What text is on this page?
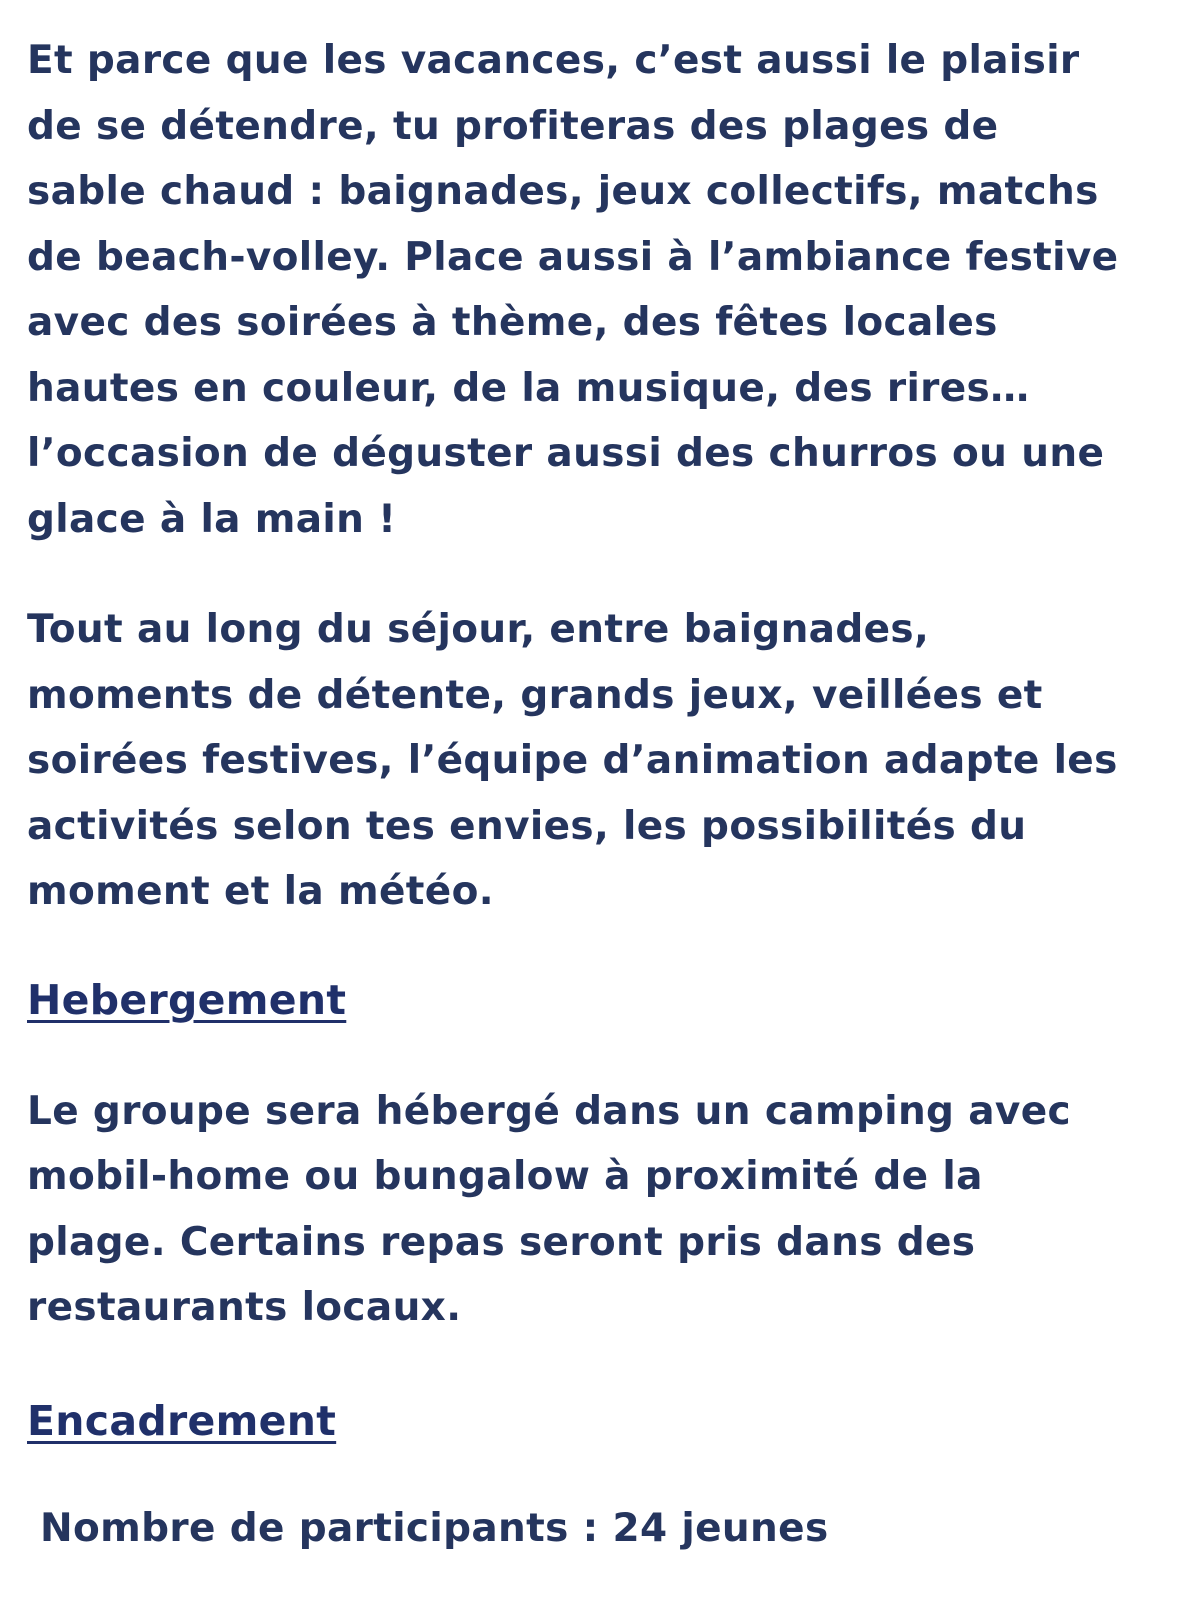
Et parce que les vacances, c’est aussi le plaisir
de se détendre, tu profiteras des plages de
sable chaud : baignades, jeux collectifs, matchs
de beach-volley. Place aussi à l’ambiance festive
avec des soirées à thème, des fêtes locales
hautes en couleur, de la musique, des rires…
l’occasion de déguster aussi des churros ou une
glace à la main !

Tout au long du séjour, entre baignades,
moments de détente, grands jeux, veillées et
soirées festives, l’équipe d’animation adapte les
activités selon tes envies, les possibilités du
moment et la météo.

Hebergement

Le groupe sera hébergé dans un camping avec
mobil-home ou bungalow à proximité de la
plage. Certains repas seront pris dans des
restaurants locaux.

Encadrement

Nombre de participants : 24 jeunes
